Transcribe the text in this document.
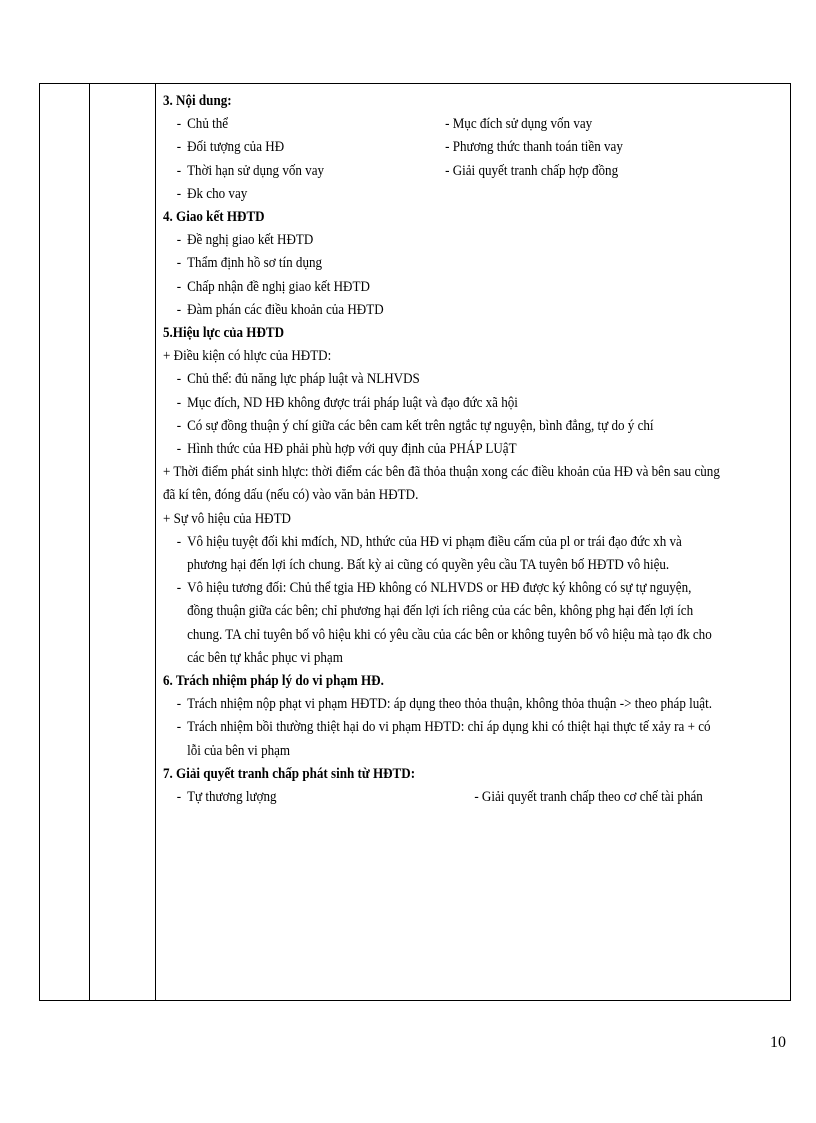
3. Nội dung:
- Chủ thể	- Mục đích sử dụng vốn vay
- Đối tượng của HĐ	- Phương thức thanh toán tiền vay
- Thời hạn sử dụng vốn vay	- Giải quyết tranh chấp hợp đồng
- Đk cho vay
4. Giao kết HĐTD
- Đề nghị giao kết HĐTD
- Thẩm định hồ sơ tín dụng
- Chấp nhận đề nghị giao kết HĐTD
- Đàm phán các điều khoản của HĐTD
5.Hiệu lực của HĐTD
+ Điều kiện có hlực của HĐTD:
- Chủ thể: đủ năng lực pháp luật và NLHVDS
- Mục đích, ND HĐ không được trái pháp luật và đạo đức xã hội
- Có sự đồng thuận ý chí giữa các bên cam kết trên ngtắc tự nguyện, bình đẳng, tự do ý chí
- Hình thức của HĐ phải phù hợp với quy định của PHÁP LUậT
+ Thời điểm phát sinh hlực: thời điểm các bên đã thỏa thuận xong các điều khoản của HĐ và bên sau cùng
đã kí tên, đóng dấu (nếu có) vào văn bản HĐTD.
+ Sự vô hiệu của HĐTD
- Vô hiệu tuyệt đối khi mđích, ND, hthức của HĐ vi phạm điều cấm của pl or trái đạo đức xh và
phương hại đến lợi ích chung. Bất kỳ ai cũng có quyền yêu cầu TA tuyên bố HĐTD vô hiệu.
- Vô hiệu tương đối: Chủ thể tgia HĐ không có NLHVDS or HĐ được ký không có sự tự nguyện,
đồng thuận giữa các bên; chỉ phương hại đến lợi ích riêng của các bên, không phg hại đến lợi ích
chung. TA chỉ tuyên bố vô hiệu khi có yêu cầu của các bên or không tuyên bố vô hiệu mà tạo đk cho
các bên tự khắc phục vi phạm
6. Trách nhiệm pháp lý do vi phạm HĐ.
- Trách nhiệm nộp phạt vi phạm HĐTD: áp dụng theo thỏa thuận, không thỏa thuận -> theo pháp luật.
- Trách nhiệm bồi thường thiệt hại do vi phạm HĐTD: chỉ áp dụng khi có thiệt hại thực tế xảy ra + có
lỗi của bên vi phạm
7. Giải quyết tranh chấp phát sinh từ HĐTD:
- Tự thương lượng	- Giải quyết tranh chấp theo cơ chế tài phán
10
